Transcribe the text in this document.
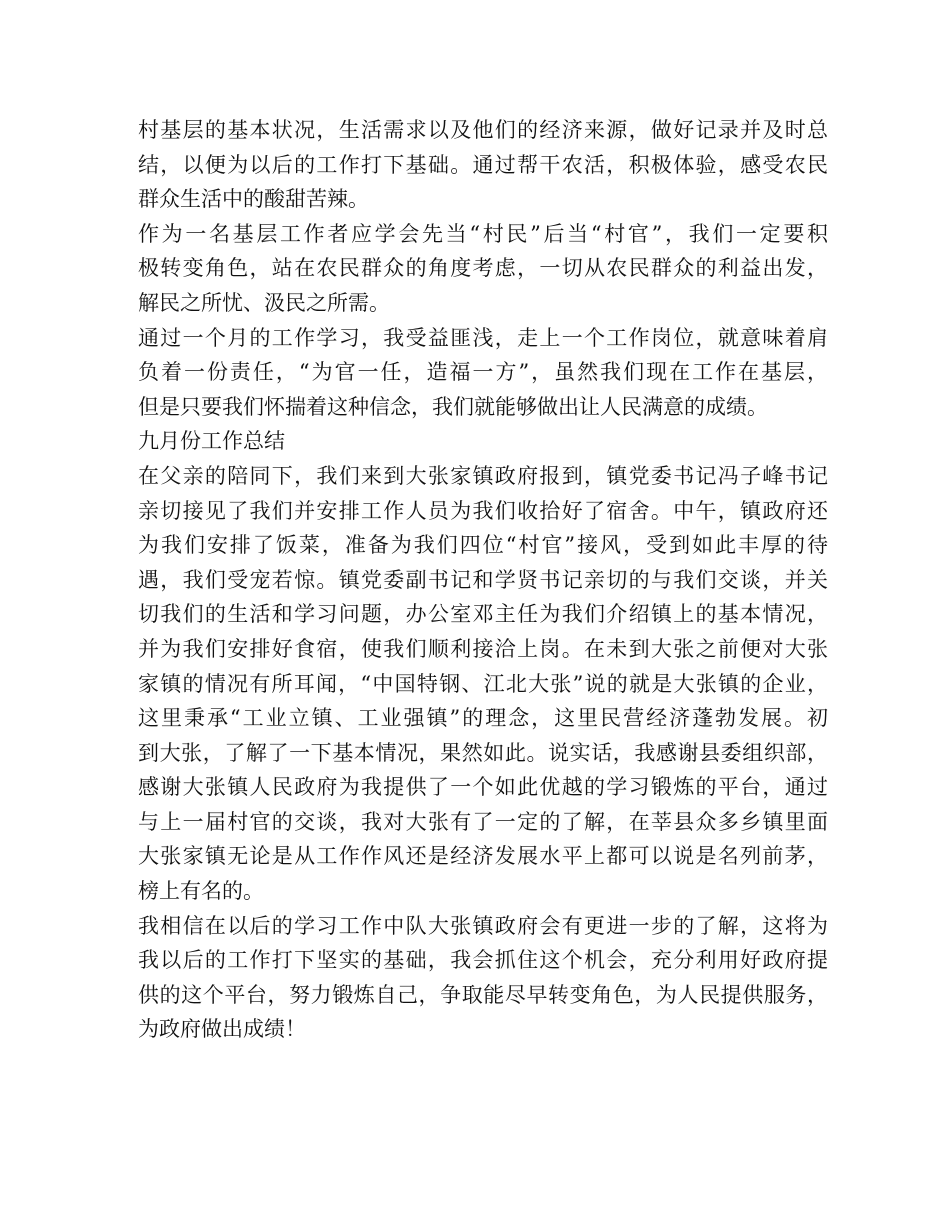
村基层的基本状况，生活需求以及他们的经济来源，做好记录并及时总
结，以便为以后的工作打下基础。通过帮干农活，积极体验，感受农民
群众生活中的酸甜苦辣。
作为一名基层工作者应学会先当“村民”后当“村官”，我们一定要积
极转变角色，站在农民群众的角度考虑，一切从农民群众的利益出发，
解民之所忧、汲民之所需。
通过一个月的工作学习，我受益匪浅，走上一个工作岗位，就意味着肩
负着一份责任，“为官一任，造福一方”，虽然我们现在工作在基层，
但是只要我们怀揣着这种信念，我们就能够做出让人民满意的成绩。
九月份工作总结
在父亲的陪同下，我们来到大张家镇政府报到，镇党委书记冯子峰书记
亲切接见了我们并安排工作人员为我们收拾好了宿舍。中午，镇政府还
为我们安排了饭菜，准备为我们四位“村官”接风，受到如此丰厚的待
遇，我们受宠若惊。镇党委副书记和学贤书记亲切的与我们交谈，并关
切我们的生活和学习问题，办公室邓主任为我们介绍镇上的基本情况，
并为我们安排好食宿，使我们顺利接洽上岗。在未到大张之前便对大张
家镇的情况有所耳闻，“中国特钢、江北大张”说的就是大张镇的企业，
这里秉承“工业立镇、工业强镇”的理念，这里民营经济蓬勃发展。初
到大张，了解了一下基本情况，果然如此。说实话，我感谢县委组织部，
感谢大张镇人民政府为我提供了一个如此优越的学习锻炼的平台，通过
与上一届村官的交谈，我对大张有了一定的了解，在莘县众多乡镇里面
大张家镇无论是从工作作风还是经济发展水平上都可以说是名列前茅，
榜上有名的。
我相信在以后的学习工作中队大张镇政府会有更进一步的了解，这将为
我以后的工作打下坚实的基础，我会抓住这个机会，充分利用好政府提
供的这个平台，努力锻炼自己，争取能尽早转变角色，为人民提供服务，
为政府做出成绩！
